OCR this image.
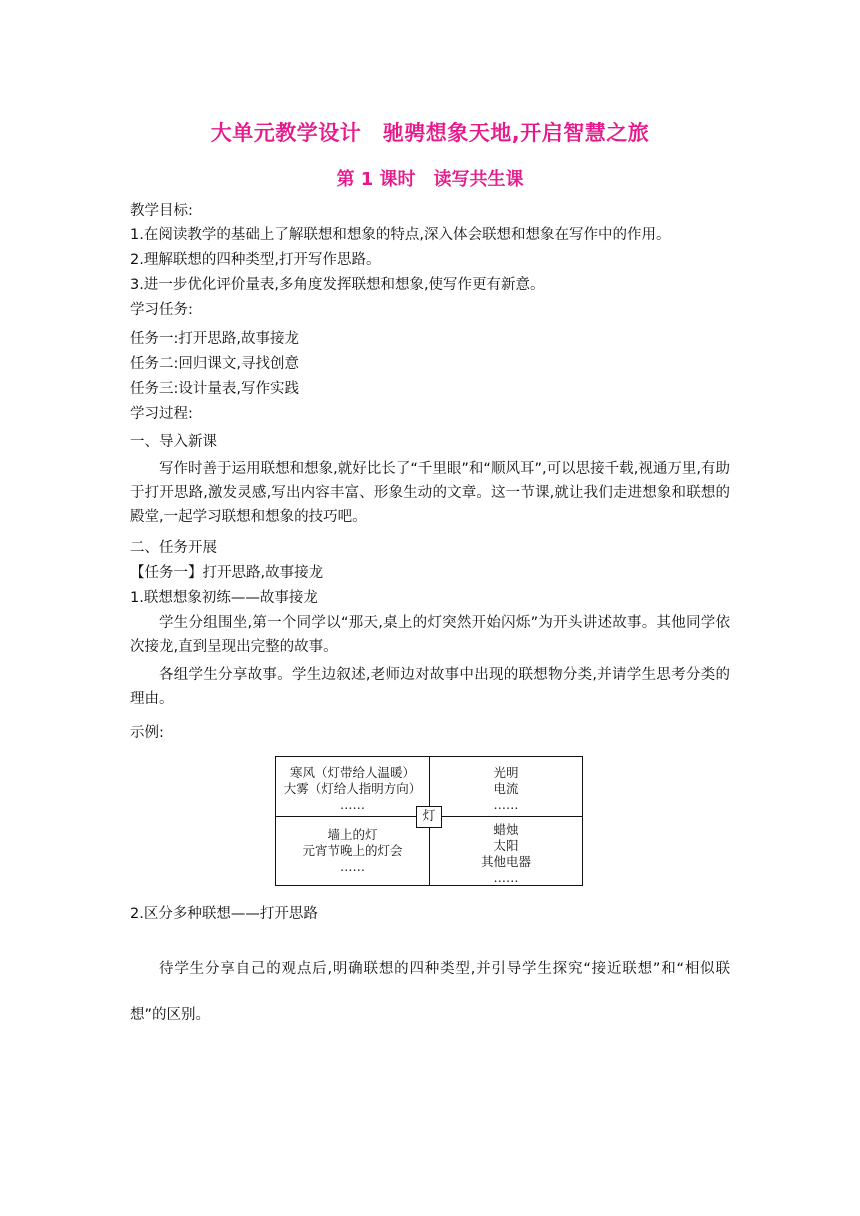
大单元教学设计　驰骋想象天地,开启智慧之旅
第 1 课时　读写共生课
教学目标:
1.在阅读教学的基础上了解联想和想象的特点,深入体会联想和想象在写作中的作用。
2.理解联想的四种类型,打开写作思路。
3.进一步优化评价量表,多角度发挥联想和想象,使写作更有新意。
学习任务:
任务一:打开思路,故事接龙
任务二:回归课文,寻找创意
任务三:设计量表,写作实践
学习过程:
一、导入新课
写作时善于运用联想和想象,就好比长了“千里眼”和“顺风耳”,可以思接千载,视通万里,有助于打开思路,激发灵感,写出内容丰富、形象生动的文章。这一节课,就让我们走进想象和联想的殿堂,一起学习联想和想象的技巧吧。
二、任务开展
【任务一】打开思路,故事接龙
1.联想想象初练——故事接龙
学生分组围坐,第一个同学以“那天,桌上的灯突然开始闪烁”为开头讲述故事。其他同学依次接龙,直到呈现出完整的故事。
各组学生分享故事。学生边叙述,老师边对故事中出现的联想物分类,并请学生思考分类的理由。
示例:
寒风（灯带给人温暖）
大雾（灯给人指明方向）
……
光明
电流
……
墙上的灯
元宵节晚上的灯会
……
蜡烛
太阳
其他电器
……
灯
2.区分多种联想——打开思路
待学生分享自己的观点后,明确联想的四种类型,并引导学生探究“接近联想”和“相似联想”的区别。
